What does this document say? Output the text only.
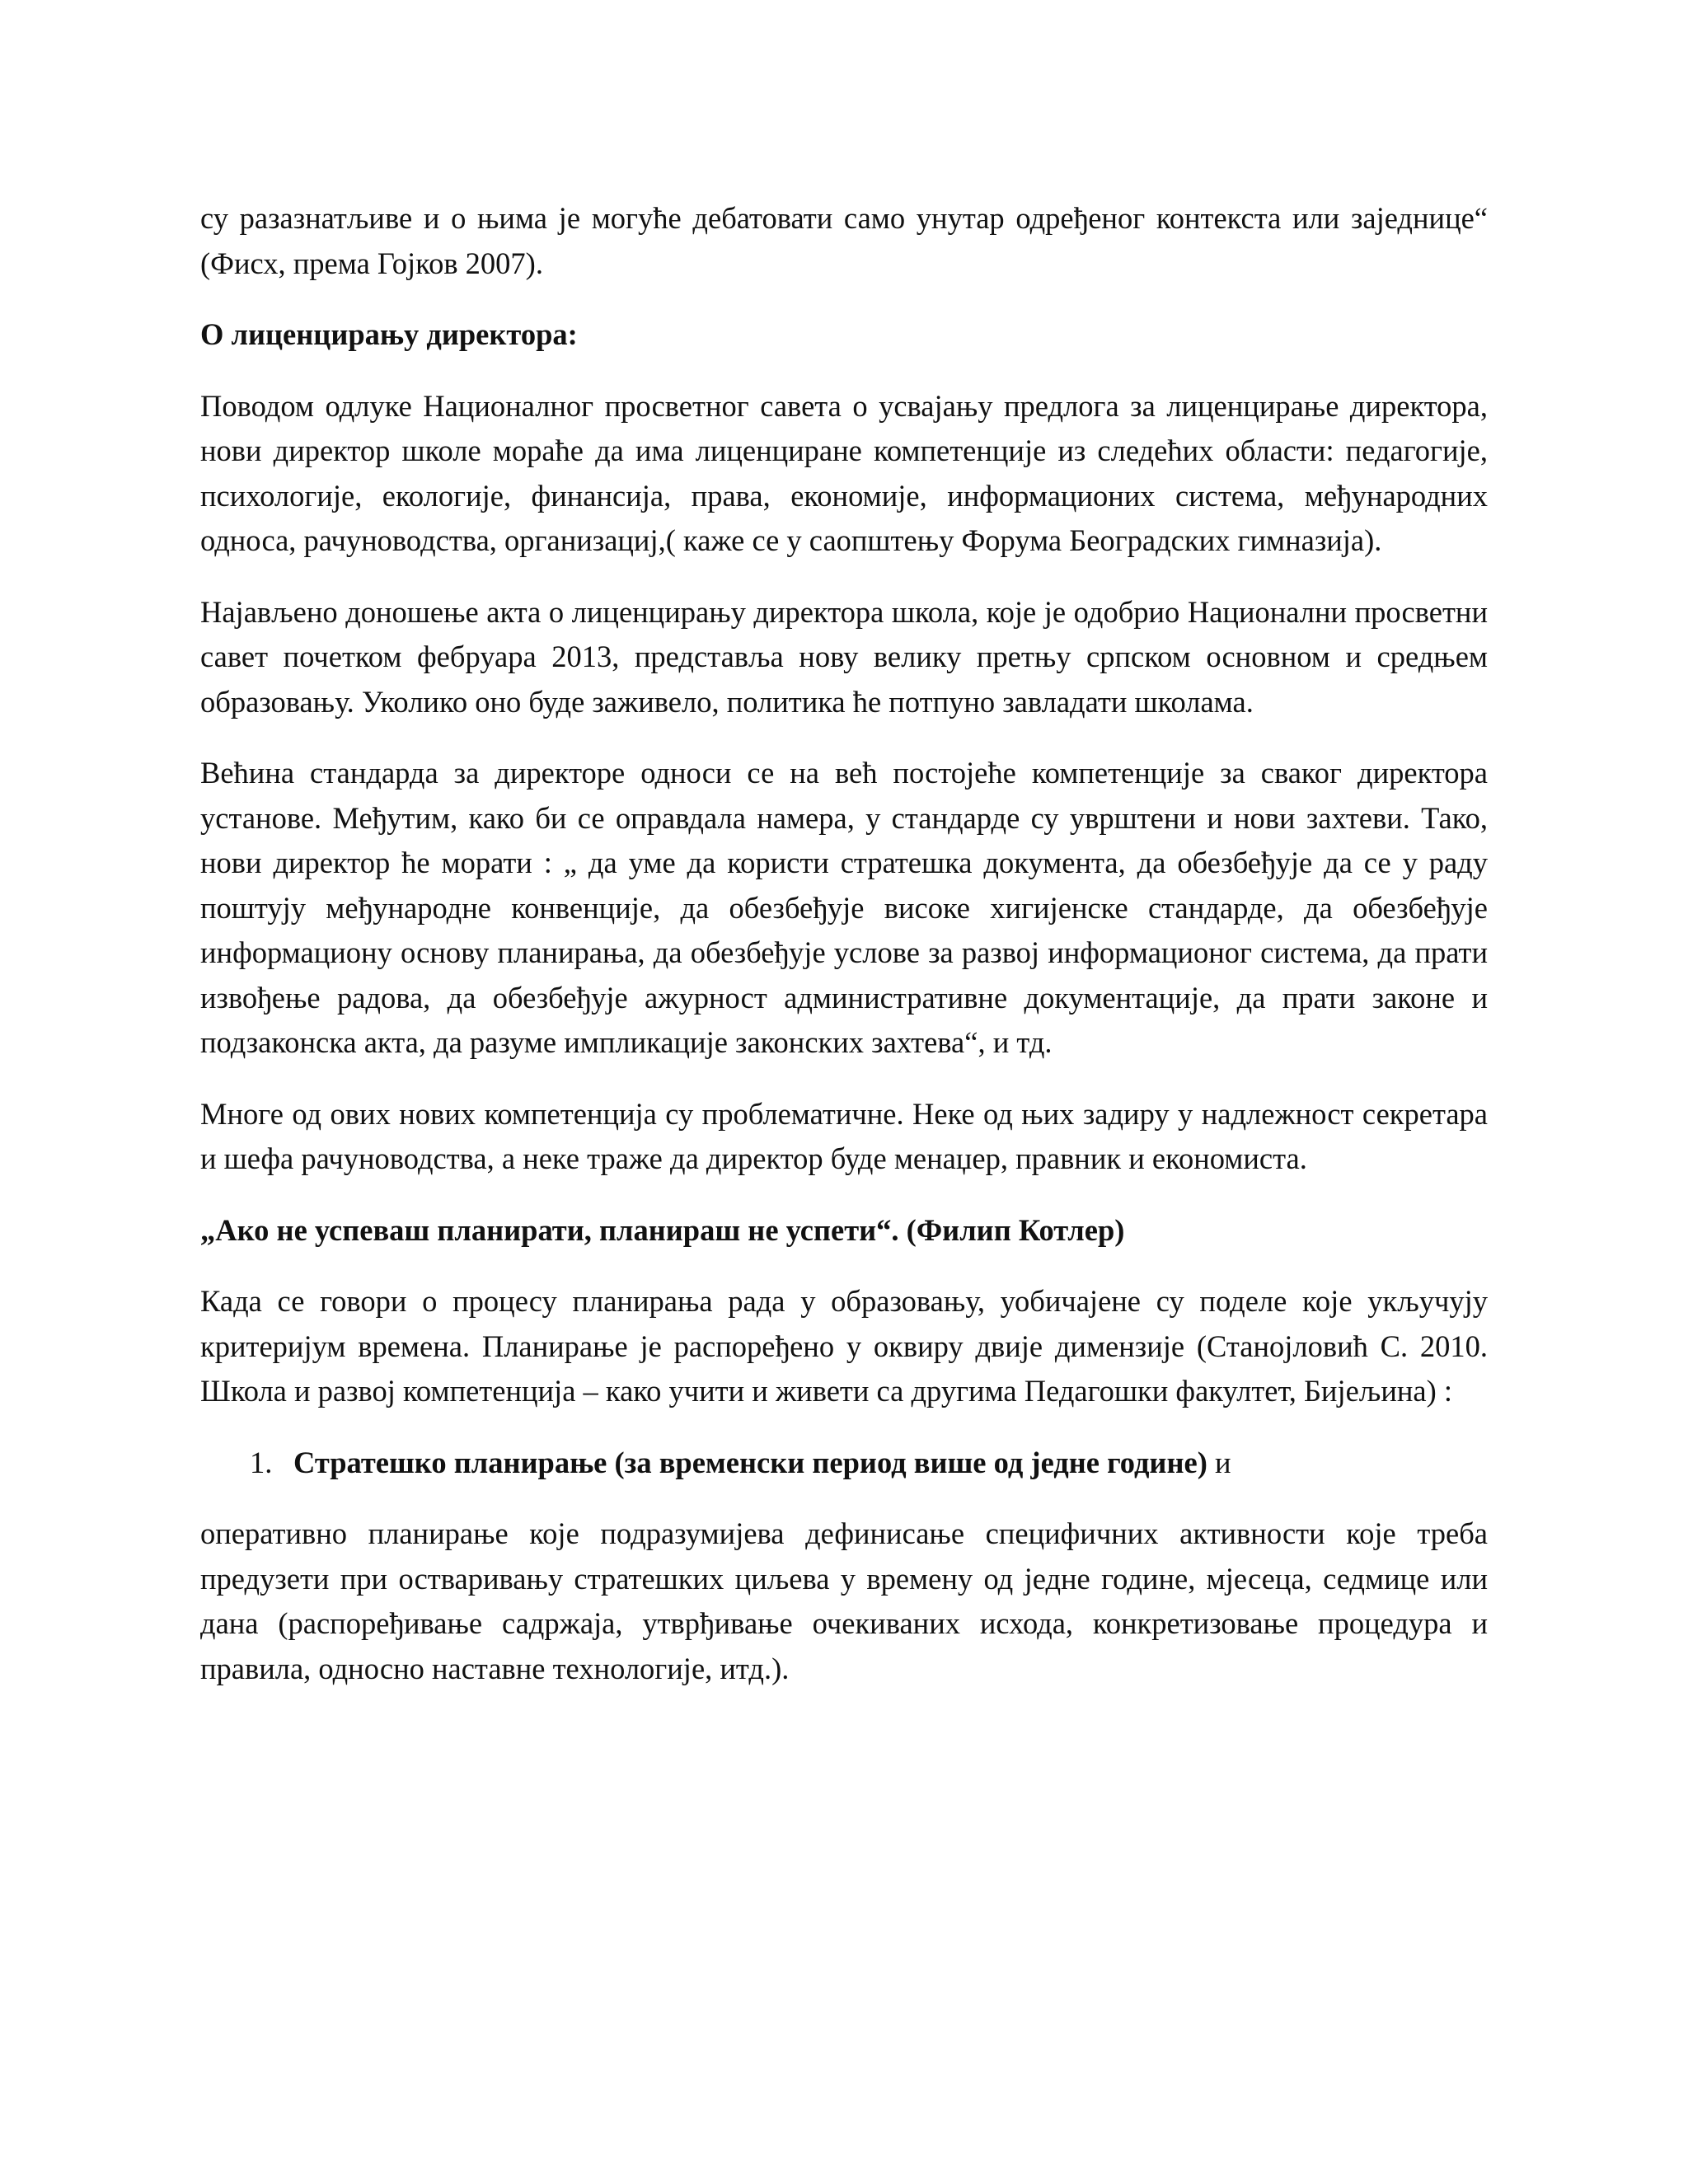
су разазнатљиве и о њима је могуће дебатовати само унутар одређеног контекста или заједнице“ (Фисх, према Гојков 2007).

О лиценцирању директора:

Поводом одлуке Националног просветног савета о усвајању предлога за лиценцирање директора, нови директор школе мораће да има лиценциране компетенције из следећих области: педагогије, психологије, екологије, финансија, права, економије, информационих система, међународних односа, рачуноводства, организациј,( каже се у саопштењу Форума Београдских гимназија).

Најављено доношење акта о лиценцирању директора школа, које је одобрио Национални просветни савет почетком фебруара 2013, представља нову велику претњу српском основном и средњем образовању. Уколико оно буде заживело, политика ће потпуно завладати школама.

Већина стандарда за директоре односи се на већ постојеће компетенције за сваког директора установе. Међутим, како би се оправдала намера, у стандарде су уврштени и нови захтеви. Тако, нови директор ће морати : „ да уме да користи стратешка документа, да обезбеђује да се у раду поштују међународне конвенције, да обезбеђује високе хигијенске стандарде, да обезбеђује информациону основу планирања, да обезбеђује услове за развој информационог система, да прати извођење радова, да обезбеђује ажурност административне документације, да прати законе и подзаконска акта, да разуме импликације законских захтева“, и тд.

Многе од ових нових компетенција су проблематичне. Неке од њих задиру у надлежност секретара и шефа рачуноводства, а неке траже да директор буде менаџер, правник и економиста.

„Ако не успеваш планирати, планираш не успети“. (Филип Котлер)

Када се говори о процесу планирања рада у образовању, уобичајене су поделе које укључују критеријум времена. Планирање је распоређено у оквиру двије димензије (Станојловић С. 2010. Школа и развој компетенција – како учити и живети са другима Педагошки факултет, Бијељина) :

1. Стратешко планирање (за временски период више од једне године) и

оперативно планирање које подразумијева дефинисање специфичних активности које треба предузети при остваривању стратешких циљева у времену од једне године, мјесеца, седмице или дана (распоређивање садржаја, утврђивање очекиваних исхода, конкретизовање процедура и правила, односно наставне технологије, итд.).
